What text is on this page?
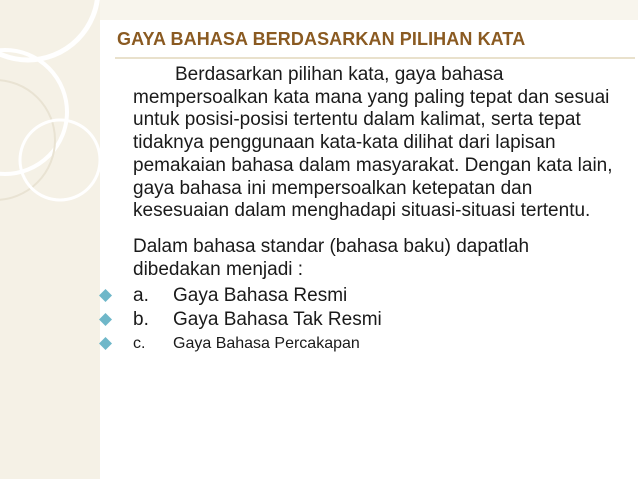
GAYA BAHASA BERDASARKAN PILIHAN KATA

Berdasarkan pilihan kata, gaya bahasa mempersoalkan kata mana yang paling tepat dan sesuai untuk posisi-posisi tertentu dalam kalimat, serta tepat tidaknya penggunaan kata-kata dilihat dari lapisan pemakaian bahasa dalam masyarakat. Dengan kata lain, gaya bahasa ini mempersoalkan ketepatan dan kesesuaian dalam menghadapi situasi-situasi tertentu.

Dalam bahasa standar (bahasa baku) dapatlah dibedakan menjadi :

a. Gaya Bahasa Resmi
b. Gaya Bahasa Tak Resmi
c. Gaya Bahasa Percakapan
